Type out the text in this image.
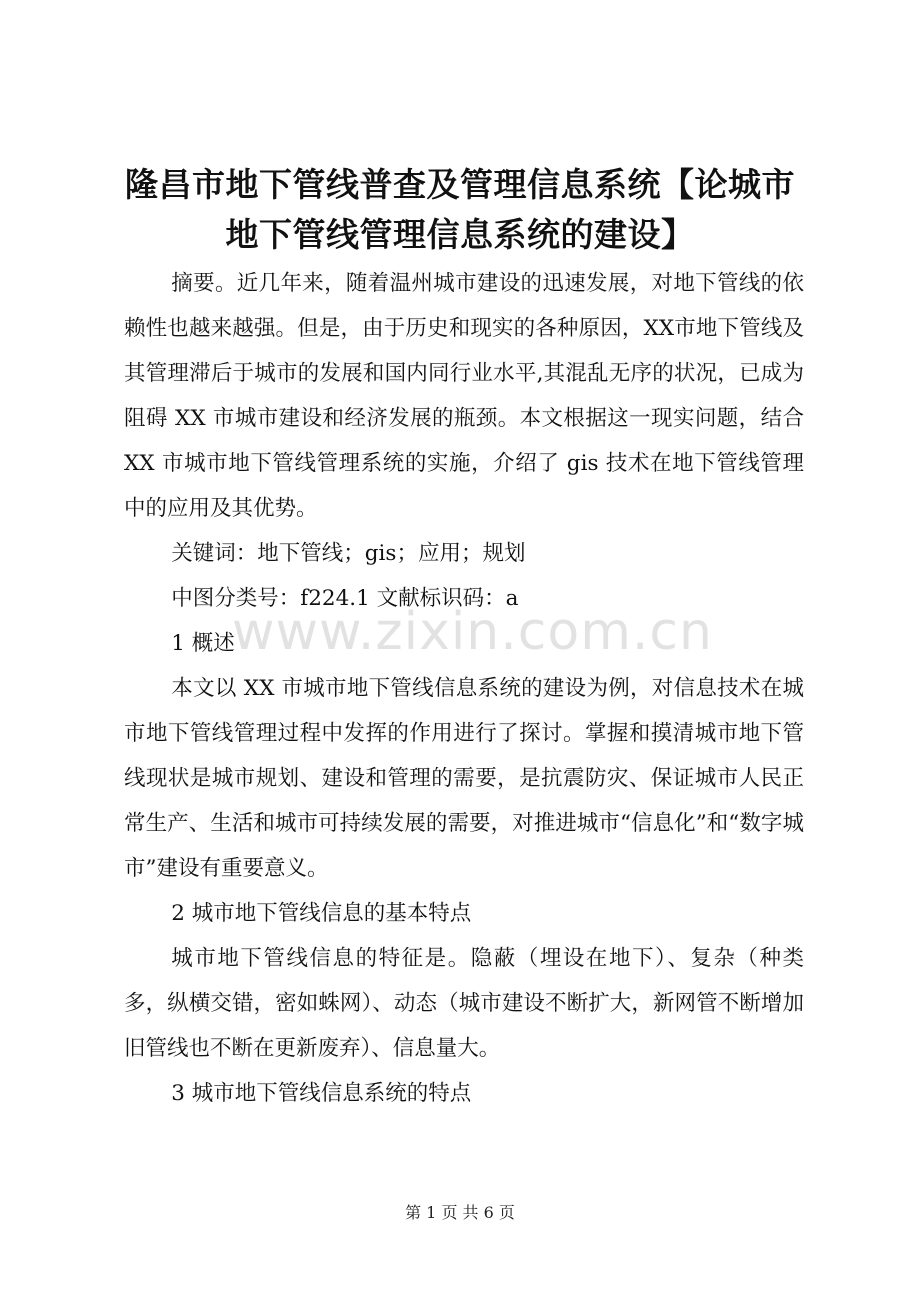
隆昌市地下管线普查及管理信息系统【论城市
地下管线管理信息系统的建设】

摘要。近几年来，随着温州城市建设的迅速发展，对地下管线的依赖性也越来越强。但是，由于历史和现实的各种原因，XX市地下管线及其管理滞后于城市的发展和国内同行业水平,其混乱无序的状况，已成为阻碍 XX 市城市建设和经济发展的瓶颈。本文根据这一现实问题，结合 XX 市城市地下管线管理系统的实施，介绍了 gis 技术在地下管线管理中的应用及其优势。

关键词：地下管线；gis；应用；规划

中图分类号：f224.1 文献标识码：a

1 概述

本文以 XX 市城市地下管线信息系统的建设为例，对信息技术在城市地下管线管理过程中发挥的作用进行了探讨。掌握和摸清城市地下管线现状是城市规划、建设和管理的需要，是抗震防灾、保证城市人民正常生产、生活和城市可持续发展的需要，对推进城市“信息化”和“数字城市”建设有重要意义。

2 城市地下管线信息的基本特点

城市地下管线信息的特征是。隐蔽（埋设在地下）、复杂（种类多，纵横交错，密如蛛网）、动态（城市建设不断扩大，新网管不断增加旧管线也不断在更新废弃）、信息量大。

3 城市地下管线信息系统的特点

www.zixin.com.cn
第 1 页 共 6 页
